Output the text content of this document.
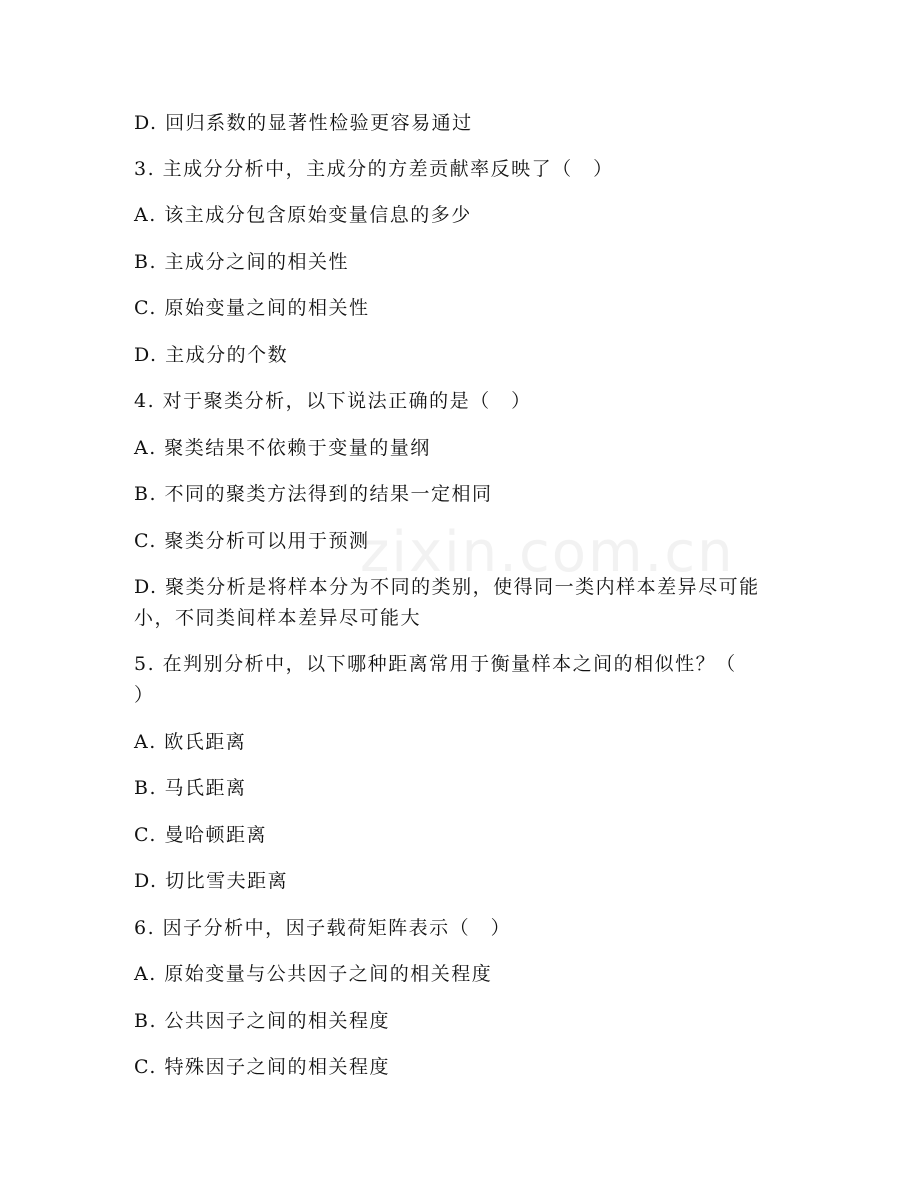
zixin.com.cn
D. 回归系数的显著性检验更容易通过
3. 主成分分析中，主成分的方差贡献率反映了（　）
A. 该主成分包含原始变量信息的多少
B. 主成分之间的相关性
C. 原始变量之间的相关性
D. 主成分的个数
4. 对于聚类分析，以下说法正确的是（　）
A. 聚类结果不依赖于变量的量纲
B. 不同的聚类方法得到的结果一定相同
C. 聚类分析可以用于预测
D. 聚类分析是将样本分为不同的类别，使得同一类内样本差异尽可能
小，不同类间样本差异尽可能大
5. 在判别分析中，以下哪种距离常用于衡量样本之间的相似性？（
）
A. 欧氏距离
B. 马氏距离
C. 曼哈顿距离
D. 切比雪夫距离
6. 因子分析中，因子载荷矩阵表示（　）
A. 原始变量与公共因子之间的相关程度
B. 公共因子之间的相关程度
C. 特殊因子之间的相关程度
